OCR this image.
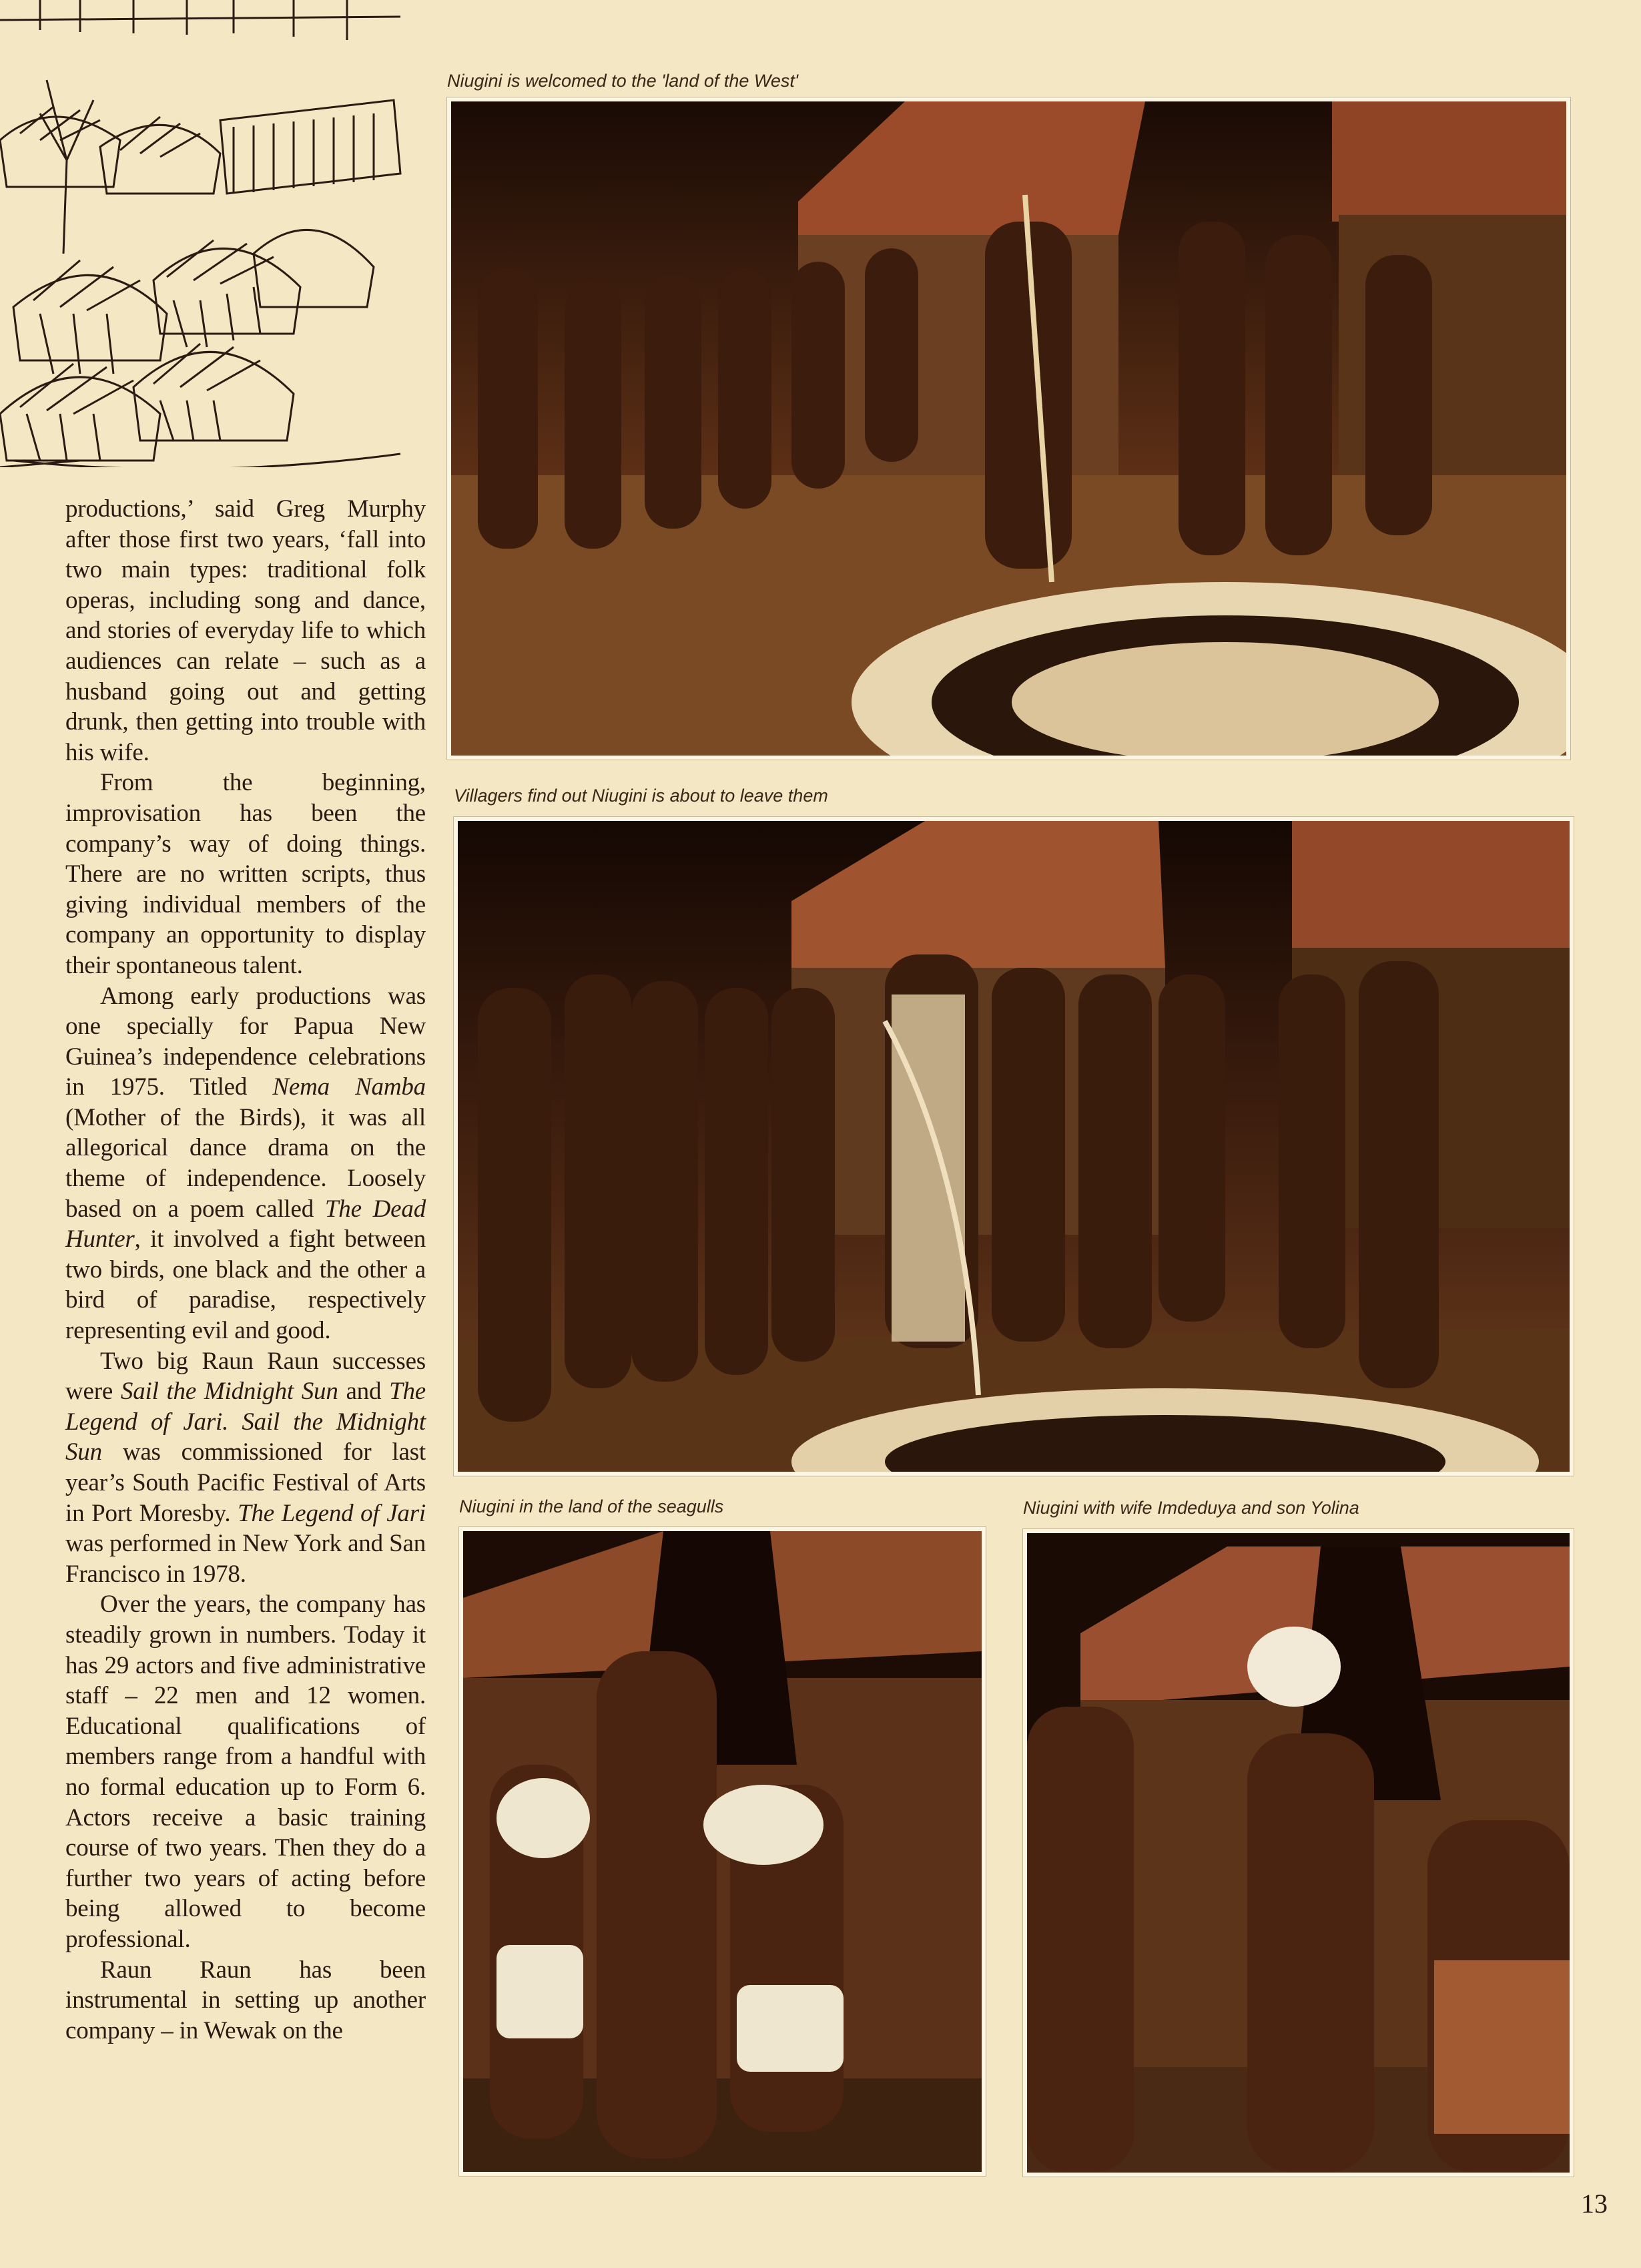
productions,’ said Greg Murphy after those first two years, ‘fall into two main types: traditional folk operas, including song and dance, and stories of everyday life to which audiences can relate – such as a husband going out and getting drunk, then getting into trouble with his wife.

From the beginning, improvisation has been the company’s way of doing things. There are no written scripts, thus giving individual members of the company an opportunity to display their spontaneous talent.

Among early productions was one specially for Papua New Guinea’s independence celebrations in 1975. Titled Nema Namba (Mother of the Birds), it was all allegorical dance drama on the theme of independence. Loosely based on a poem called The Dead Hunter, it involved a fight between two birds, one black and the other a bird of paradise, respectively representing evil and good.

Two big Raun Raun successes were Sail the Midnight Sun and The Legend of Jari. Sail the Midnight Sun was commissioned for last year’s South Pacific Festival of Arts in Port Moresby. The Legend of Jari was performed in New York and San Francisco in 1978.

Over the years, the company has steadily grown in numbers. Today it has 29 actors and five administrative staff – 22 men and 12 women. Educational qualifications of members range from a handful with no formal education up to Form 6. Actors receive a basic training course of two years. Then they do a further two years of acting before being allowed to become professional.

Raun Raun has been instrumental in setting up another company – in Wewak on the

Niugini is welcomed to the 'land of the West'
Villagers find out Niugini is about to leave them
Niugini in the land of the seagulls	Niugini with wife Imdeduya and son Yolina
13
